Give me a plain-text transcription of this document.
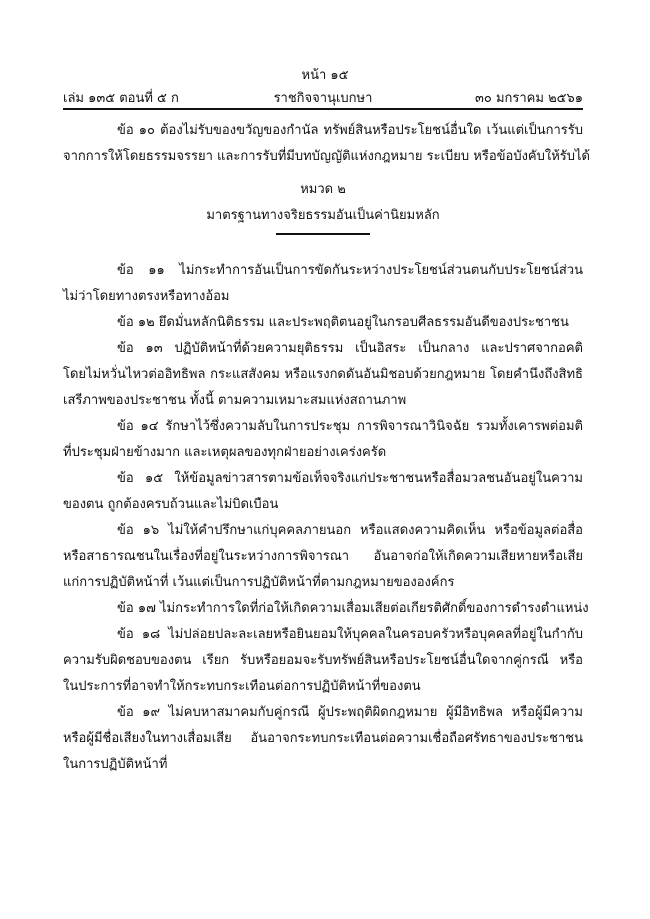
หน้า ๑๕
ราชกิจจานุเบกษา
เล่ม ๑๓๕ ตอนที่ ๕ ก	๓๐ มกราคม ๒๕๖๑
ข้อ ๑๐ ต้องไม่รับของขวัญของกำนัล ทรัพย์สินหรือประโยชน์อื่นใด เว้นแต่เป็นการรับ
จากการให้โดยธรรมจรรยา และการรับที่มีบทบัญญัติแห่งกฎหมาย ระเบียบ หรือข้อบังคับให้รับได้
หมวด ๒
มาตรฐานทางจริยธรรมอันเป็นค่านิยมหลัก
ข้อ ๑๑ ไม่กระทำการอันเป็นการขัดกันระหว่างประโยชน์ส่วนตนกับประโยชน์ส่วน
ไม่ว่าโดยทางตรงหรือทางอ้อม
ข้อ ๑๒ ยึดมั่นหลักนิติธรรม และประพฤติตนอยู่ในกรอบศีลธรรมอันดีของประชาชน
ข้อ ๑๓ ปฏิบัติหน้าที่ด้วยความยุติธรรม เป็นอิสระ เป็นกลาง และปราศจากอคติ
โดยไม่หวั่นไหวต่ออิทธิพล กระแสสังคม หรือแรงกดดันอันมิชอบด้วยกฎหมาย โดยคำนึงถึงสิทธิ
เสรีภาพของประชาชน ทั้งนี้ ตามความเหมาะสมแห่งสถานภาพ
ข้อ ๑๔ รักษาไว้ซึ่งความลับในการประชุม การพิจารณาวินิจฉัย รวมทั้งเคารพต่อมติ
ที่ประชุมฝ่ายข้างมาก และเหตุผลของทุกฝ่ายอย่างเคร่งครัด
ข้อ ๑๕ ให้ข้อมูลข่าวสารตามข้อเท็จจริงแก่ประชาชนหรือสื่อมวลชนอันอยู่ในความ
ของตน ถูกต้องครบถ้วนและไม่บิดเบือน
ข้อ ๑๖ ไม่ให้คำปรึกษาแก่บุคคลภายนอก หรือแสดงความคิดเห็น หรือข้อมูลต่อสื่อ
หรือสาธารณชนในเรื่องที่อยู่ในระหว่างการพิจารณา อันอาจก่อให้เกิดความเสียหายหรือเสีย
แก่การปฏิบัติหน้าที่ เว้นแต่เป็นการปฏิบัติหน้าที่ตามกฎหมายขององค์กร
ข้อ ๑๗ ไม่กระทำการใดที่ก่อให้เกิดความเสื่อมเสียต่อเกียรติศักดิ์ของการดำรงตำแหน่ง
ข้อ ๑๘ ไม่ปล่อยปละละเลยหรือยินยอมให้บุคคลในครอบครัวหรือบุคคลที่อยู่ในกำกับ
ความรับผิดชอบของตน เรียก รับหรือยอมจะรับทรัพย์สินหรือประโยชน์อื่นใดจากคู่กรณี หรือ
ในประการที่อาจทำให้กระทบกระเทือนต่อการปฏิบัติหน้าที่ของตน
ข้อ ๑๙ ไม่คบหาสมาคมกับคู่กรณี ผู้ประพฤติผิดกฎหมาย ผู้มีอิทธิพล หรือผู้มีความ
หรือผู้มีชื่อเสียงในทางเสื่อมเสีย อันอาจกระทบกระเทือนต่อความเชื่อถือศรัทธาของประชาชน
ในการปฏิบัติหน้าที่
